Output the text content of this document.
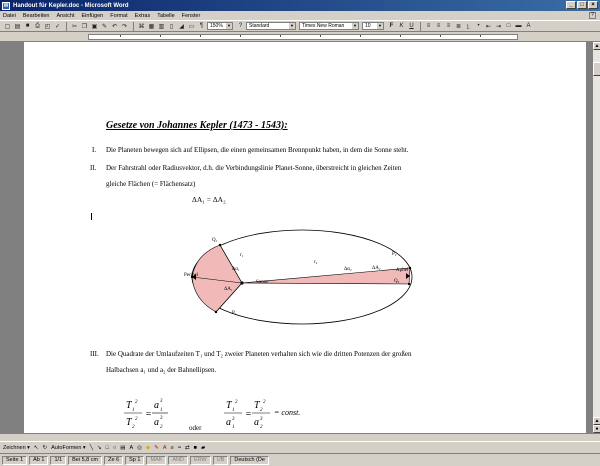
W Handout für Kepler.doc - Microsoft Word	_	□	×
Datei Bearbeiten Ansicht Einfügen Format Extras Tabelle Fenster	?
▢ ▤ ■ ⎙ ◰ ✓	✂ ❐ ▣ ✎ ↶ ↷	⌘ ▦ ▥ ▯	◢ ▭ ¶	150% ▼	?	Standard	▼	Times New Roman ▼	10 ▼	F	K U	≡	≡	≡ ≣ ⒈ •	⇤ ⇥ □ ▬ A
Gesetze von Johannes Kepler (1473 - 1543):
I. Die Planeten bewegen sich auf Ellipsen, die einen gemeinsamen Brennpunkt haben, in dem die Sonne steht.
II. Der Fahrstrahl oder Radiusvektor, d.h. die Verbindungslinie Planet-Sonne, überstreicht in gleichen Zeiten
gleiche Flächen (= Flächensatz)
ΔA₁ = ΔA₂
Q₁
r₁
r₂
P₂
Perihel
Aphel
Sonne	Q₂
P₁
Δα₁
ΔA₁
Δα₂	ΔA₂
III. Die Quadrate der Umlaufzeiten T₁ und T₂ zweier Planeten verhalten sich wie die dritten Potenzen der großen
Halbachsen a₁ und a₂ der Bahnellipsen.
T 1
2
T 2
2 =
a 1
3
a 2
3
T 1
2
a 1
3 =
T 2
2
a 2
3
= const.
oder
▲
▲
●
Zeichnen ▾ ↖ ↻ AutoFormen ▾ ╲ ↘ □ ○ ▤ A ◎ ◆ ✎ A ≡ ┅ ⇄ ■ ▰
Seite 1	Ab 1	1/1	Bei 5,8 cm	Ze 6	Sp 1	MAK	ÄND	ERW	ÜB	Deutsch (De
